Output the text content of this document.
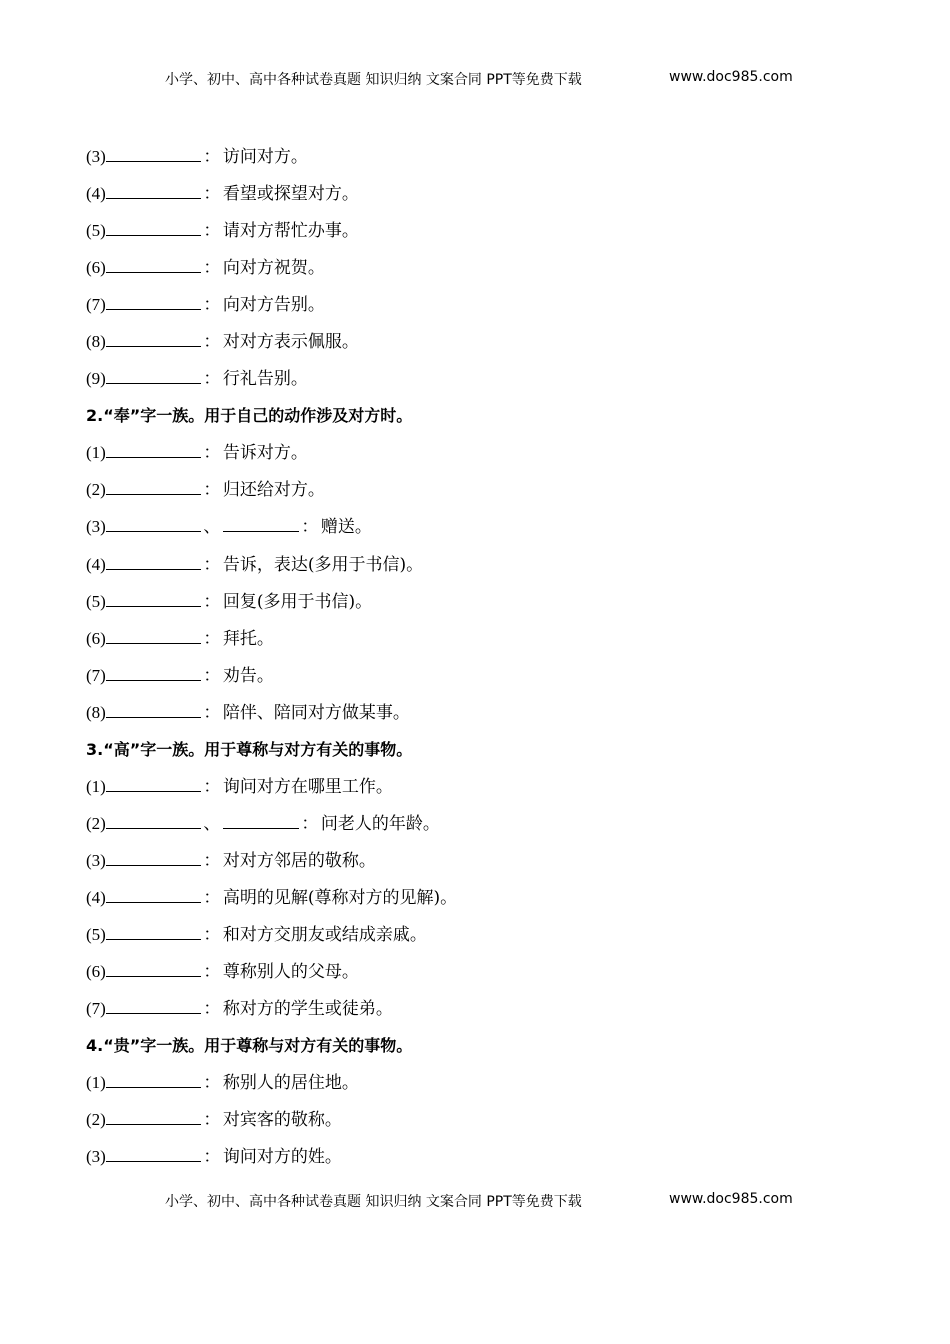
小学、初中、高中各种试卷真题 知识归纳 文案合同 PPT等免费下载	www.doc985.com
(3)	： 访问对方。
(4)	： 看望或探望对方。
(5)	： 请对方帮忙办事。
(6)	： 向对方祝贺。
(7)	： 向对方告别。
(8)	： 对对方表示佩服。
(9)	： 行礼告别。
2.“奉”字一族。用于自己的动作涉及对方时。
(1)	： 告诉对方。
(2)	： 归还给对方。
(3)	、	： 赠送。
(4)	： 告诉，表达(多用于书信)。
(5)	： 回复(多用于书信)。
(6)	： 拜托。
(7)	： 劝告。
(8)	： 陪伴、陪同对方做某事。
3.“高”字一族。用于尊称与对方有关的事物。
(1)	： 询问对方在哪里工作。
(2)	、	： 问老人的年龄。
(3)	： 对对方邻居的敬称。
(4)	： 高明的见解(尊称对方的见解)。
(5)	： 和对方交朋友或结成亲戚。
(6)	： 尊称别人的父母。
(7)	： 称对方的学生或徒弟。
4.“贵”字一族。用于尊称与对方有关的事物。
(1)	： 称别人的居住地。
(2)	： 对宾客的敬称。
(3)	： 询问对方的姓。
小学、初中、高中各种试卷真题 知识归纳 文案合同 PPT等免费下载	www.doc985.com
